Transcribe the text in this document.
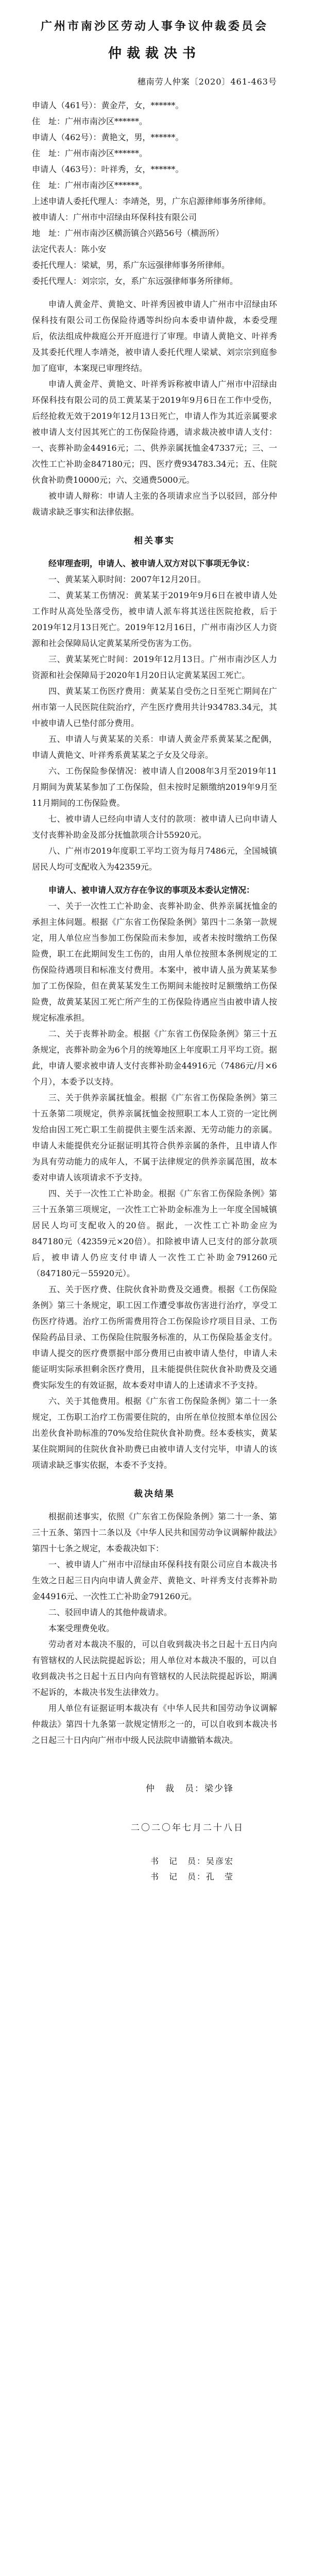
广州市南沙区劳动人事争议仲裁委员会
仲裁裁决书
穗南劳人仲案〔2020〕461-463号

申请人（461号）：黄金芹，女，******。

住　址：广州市南沙区******。

申请人（462号）：黄艳文，男，******。

住　址：广州市南沙区******。

申请人（463号）：叶祥秀，女，******。

住　址：广州市南沙区******。

上述申请人委托代理人：李靖尧，男，广东启源律师事务所律师。

被申请人：广州市中沼绿由环保科技有限公司

地　址：广州市南沙区横沥镇合兴路56号（横沥所）

法定代表人：陈小安

委托代理人：梁斌，男，系广东远强律师事务所律师。

委托代理人：刘宗宗，女，系广东远强律师事务所律师。

申请人黄金芹、黄艳文、叶祥秀因被申请人广州市中沼绿由环保科技有限公司工伤保险待遇等纠纷向本委申请仲裁，本委受理后，依法组成仲裁庭公开开庭进行了审理。申请人黄艳文、叶祥秀及其委托代理人李靖尧，被申请人委托代理人梁斌、刘宗宗到庭参加了庭审，本案现已审理终结。

申请人黄金芹、黄艳文、叶祥秀诉称被申请人广州市中沼绿由环保科技有限公司的员工黄某某于2019年9月6日在工作中受伤，后经抢救无效于2019年12月13日死亡，申请人作为其近亲属要求被申请人支付因其死亡的工伤保险待遇，请求裁决被申请人支付：一、丧葬补助金44916元；二、供养亲属抚恤金47337元；三、一次性工亡补助金847180元；四、医疗费934783.34元；五、住院伙食补助费10000元；六、交通费5000元。

被申请人辩称：申请人主张的各项请求应当予以驳回，部分仲裁请求缺乏事实和法律依据。

相关事实

经审理查明，申请人、被申请人双方对以下事项无争议：

一、黄某某入职时间：2007年12月20日。

二、黄某某工伤情况：黄某某于2019年9月6日在被申请人处工作时从高处坠落受伤，被申请人派车将其送往医院抢救，后于2019年12月13日死亡。2019年12月16日，广州市南沙区人力资源和社会保障局认定黄某某所受伤害为工伤。

三、黄某某死亡时间：2019年12月13日。广州市南沙区人力资源和社会保障局于2020年1月20日认定黄某某因工死亡。

四、黄某某工伤医疗费用：黄某某自受伤之日至死亡期间在广州市第一人民医院住院治疗，产生医疗费用共计934783.34元，其中被申请人已垫付部分费用。

五、申请人与黄某某的关系：申请人黄金芹系黄某某之配偶，申请人黄艳文、叶祥秀系黄某某之子女及父母亲。

六、工伤保险参保情况：被申请人自2008年3月至2019年11月期间为黄某某参加了工伤保险，但未按时足额缴纳2019年9月至11月期间的工伤保险费。

七、被申请人已经向申请人支付的款项：被申请人已向申请人支付丧葬补助金及部分抚恤款项合计55920元。

八、广州市2019年度职工平均工资为每月7486元，全国城镇居民人均可支配收入为42359元。

申请人、被申请人双方存在争议的事项及本委认定情况：

一、关于一次性工亡补助金、丧葬补助金、供养亲属抚恤金的承担主体问题。根据《广东省工伤保险条例》第四十二条第一款规定，用人单位应当参加工伤保险而未参加，或者未按时缴纳工伤保险费，职工在此期间发生工伤的，由用人单位按照本条例规定的工伤保险待遇项目和标准支付费用。本案中，被申请人虽为黄某某参加了工伤保险，但在黄某某发生工伤期间未能按时足额缴纳工伤保险费，故黄某某因工死亡所产生的工伤保险待遇应当由被申请人按规定标准承担。

二、关于丧葬补助金。根据《广东省工伤保险条例》第三十五条规定，丧葬补助金为6个月的统筹地区上年度职工月平均工资。据此，申请人要求被申请人支付丧葬补助金44916元（7486元/月×6个月），本委予以支持。

三、关于供养亲属抚恤金。根据《广东省工伤保险条例》第三十五条第二项规定，供养亲属抚恤金按照职工本人工资的一定比例发给由因工死亡职工生前提供主要生活来源、无劳动能力的亲属。申请人未能提供充分证据证明其符合供养亲属的条件，且申请人作为具有劳动能力的成年人，不属于法律规定的供养亲属范围，故本委对申请人该项请求不予支持。

四、关于一次性工亡补助金。根据《广东省工伤保险条例》第三十五条第三项规定，一次性工亡补助金标准为上一年度全国城镇居民人均可支配收入的20倍。据此，一次性工亡补助金应为847180元（42359元×20倍）。扣除被申请人已支付的部分款项后，被申请人仍应支付申请人一次性工亡补助金791260元（847180元－55920元）。

五、关于医疗费、住院伙食补助费及交通费。根据《工伤保险条例》第三十条规定，职工因工作遭受事故伤害进行治疗，享受工伤医疗待遇。治疗工伤所需费用符合工伤保险诊疗项目目录、工伤保险药品目录、工伤保险住院服务标准的，从工伤保险基金支付。申请人提交的医疗费票据中部分费用已由被申请人垫付，申请人未能证明实际承担剩余医疗费用，且未能提供住院伙食补助费及交通费实际发生的有效证据，故本委对申请人的上述请求不予支持。

六、关于其他费用。根据《广东省工伤保险条例》第二十一条规定，工伤职工治疗工伤需要住院的，由所在单位按照本单位因公出差伙食补助标准的70%发给住院伙食补助费。经本委核实，黄某某住院期间的住院伙食补助费已由被申请人支付完毕，申请人的该项请求缺乏事实依据，本委不予支持。

裁决结果

根据前述事实，依照《广东省工伤保险条例》第二十一条、第三十五条、第四十二条以及《中华人民共和国劳动争议调解仲裁法》第四十七条之规定，本委裁决如下：

一、被申请人广州市中沼绿由环保科技有限公司应自本裁决书生效之日起三日内向申请人黄金芹、黄艳文、叶祥秀支付丧葬补助金44916元、一次性工亡补助金791260元。

二、驳回申请人的其他仲裁请求。

本案受理费免收。

劳动者对本裁决不服的，可以自收到裁决书之日起十五日内向有管辖权的人民法院提起诉讼；用人单位对本裁决不服的，可以自收到裁决书之日起十五日内向有管辖权的人民法院提起诉讼，期满不起诉的，本裁决书发生法律效力。

用人单位有证据证明本裁决有《中华人民共和国劳动争议调解仲裁法》第四十九条第一款规定情形之一的，可以自收到本裁决书之日起三十日内向广州市中级人民法院申请撤销本裁决。

仲　裁　员：梁少锋
二〇二〇年七月二十八日
书　记　员：吴彦宏
书　记　员：孔　莹
